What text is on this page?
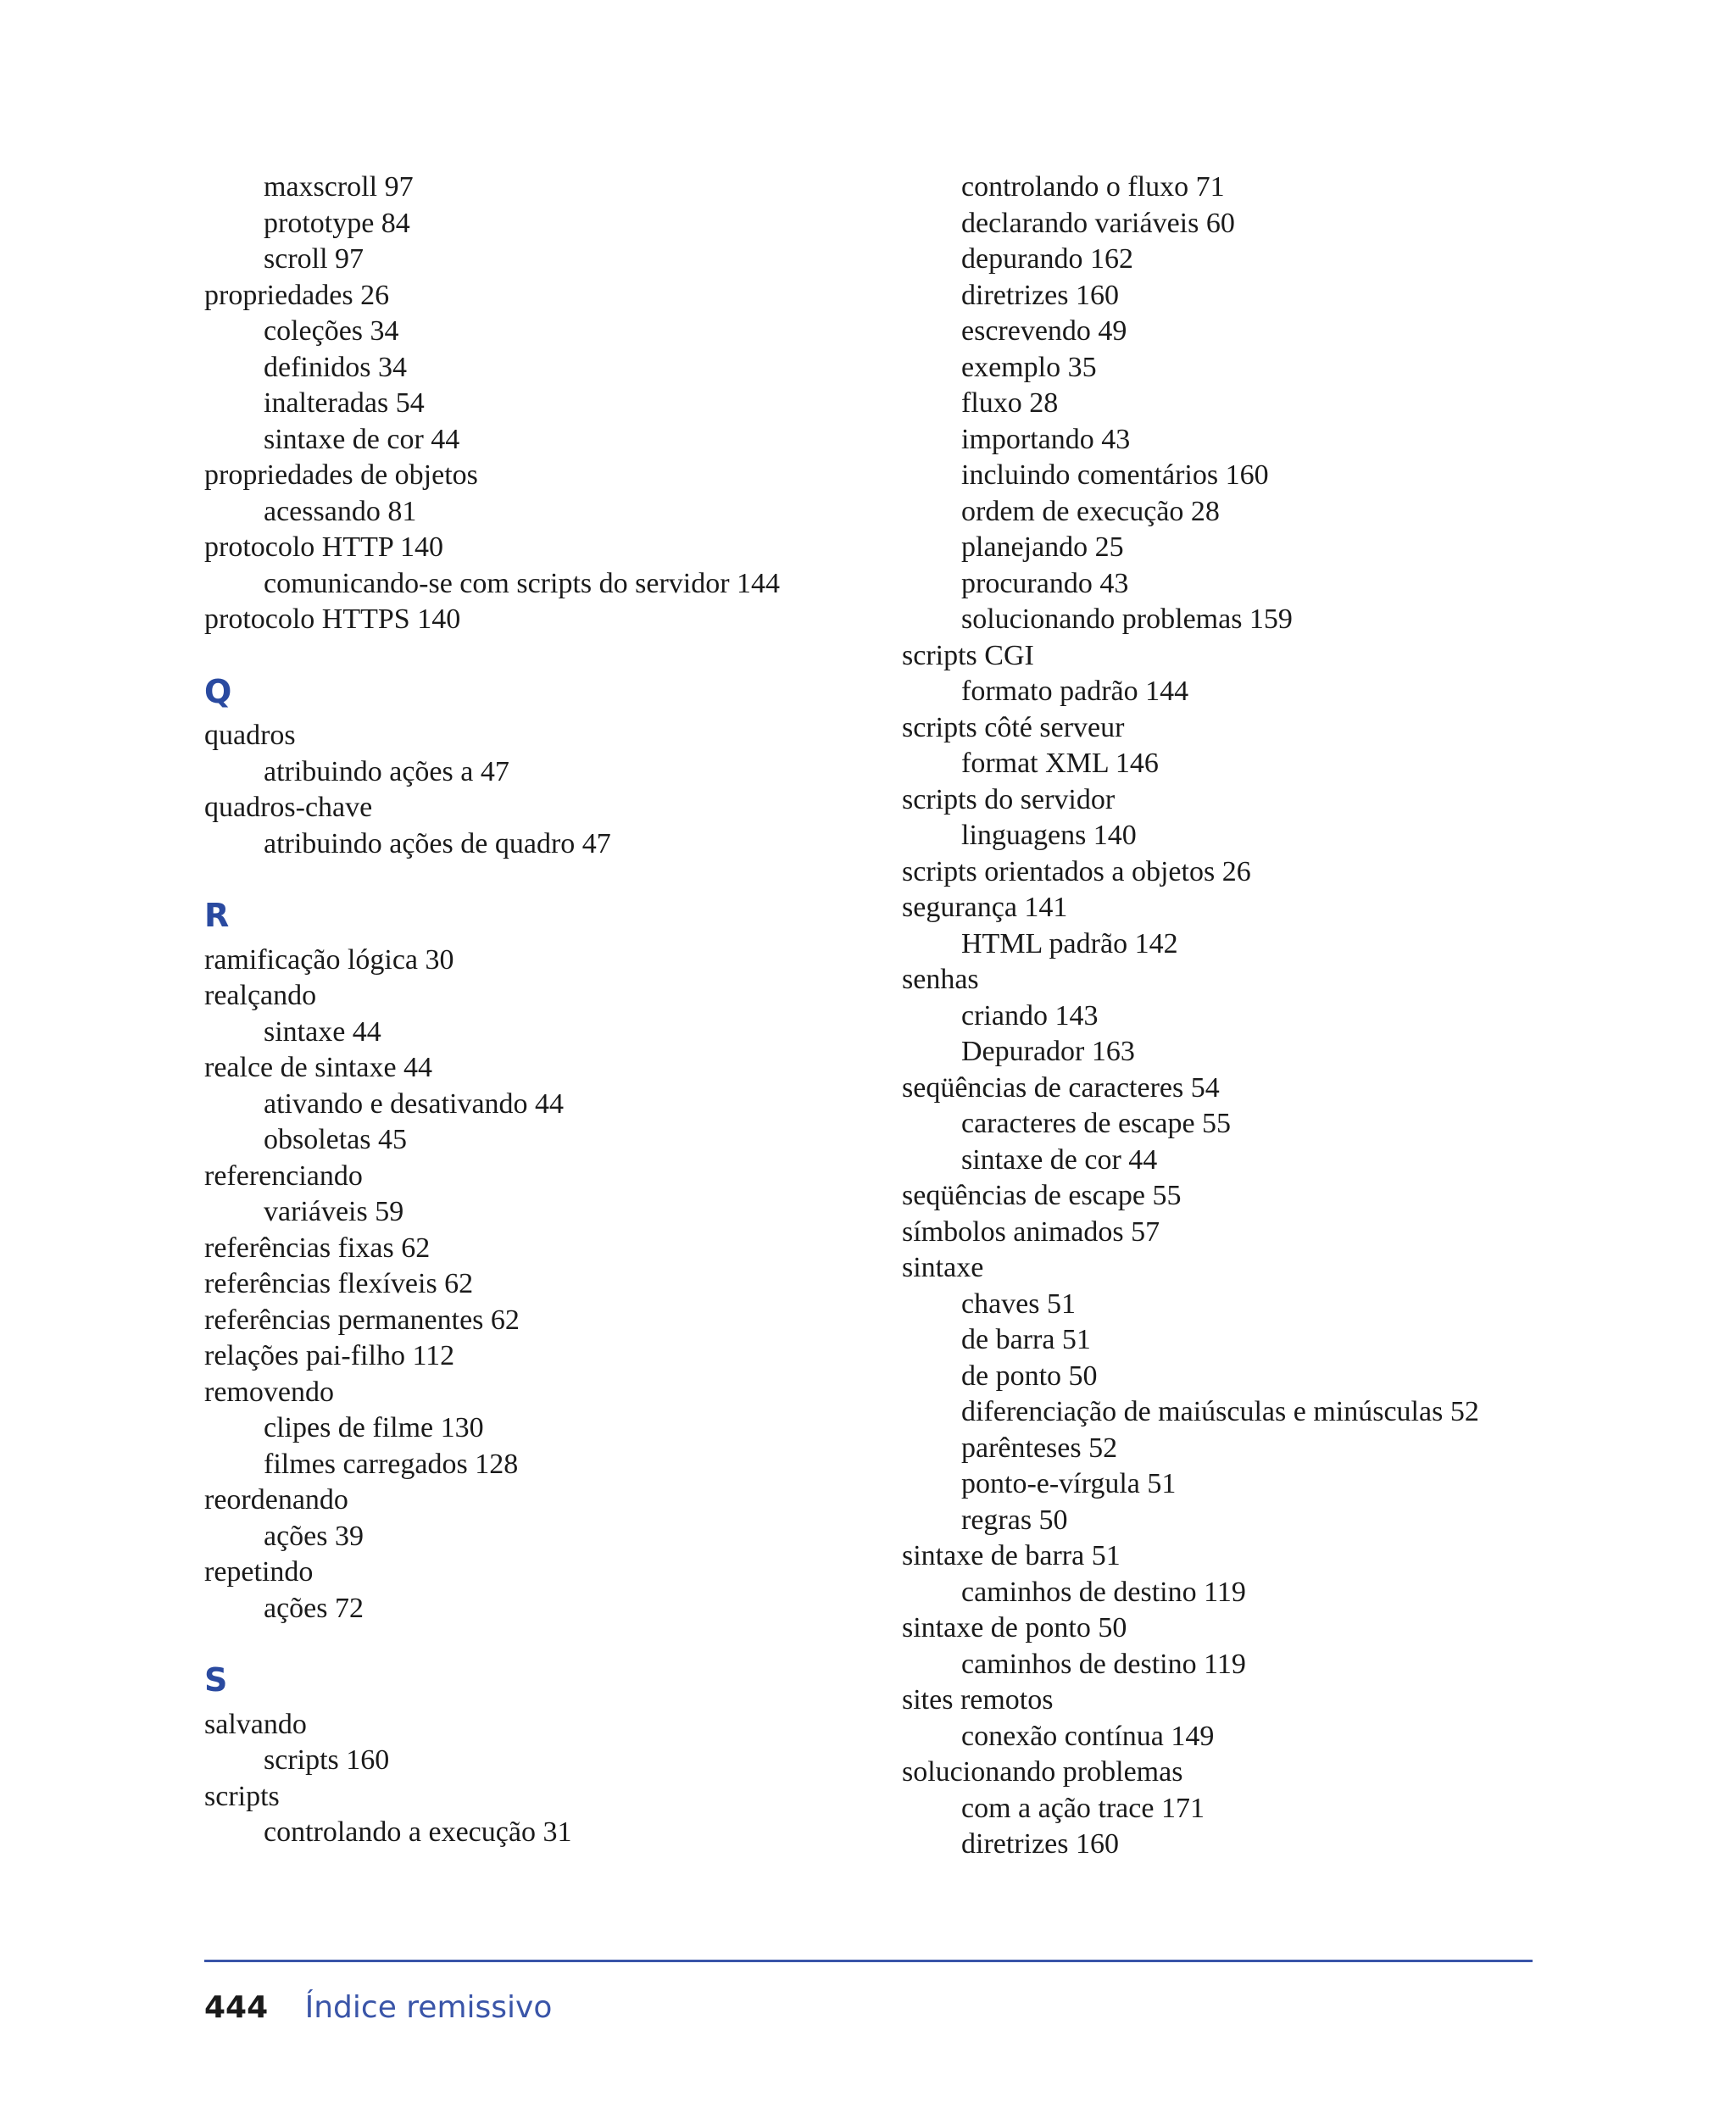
maxscroll 97
prototype 84
scroll 97
propriedades 26
coleções 34
definidos 34
inalteradas 54
sintaxe de cor 44
propriedades de objetos
acessando 81
protocolo HTTP 140
comunicando-se com scripts do servidor 144
protocolo HTTPS 140
Q
quadros
atribuindo ações a 47
quadros-chave
atribuindo ações de quadro 47
R
ramificação lógica 30
realçando
sintaxe 44
realce de sintaxe 44
ativando e desativando 44
obsoletas 45
referenciando
variáveis 59
referências fixas 62
referências flexíveis 62
referências permanentes 62
relações pai-filho 112
removendo
clipes de filme 130
filmes carregados 128
reordenando
ações 39
repetindo
ações 72
S
salvando
scripts 160
scripts
controlando a execução 31
controlando o fluxo 71
declarando variáveis 60
depurando 162
diretrizes 160
escrevendo 49
exemplo 35
fluxo 28
importando 43
incluindo comentários 160
ordem de execução 28
planejando 25
procurando 43
solucionando problemas 159
scripts CGI
formato padrão 144
scripts côté serveur
format XML 146
scripts do servidor
linguagens 140
scripts orientados a objetos 26
segurança 141
HTML padrão 142
senhas
criando 143
Depurador 163
seqüências de caracteres 54
caracteres de escape 55
sintaxe de cor 44
seqüências de escape 55
símbolos animados 57
sintaxe
chaves 51
de barra 51
de ponto 50
diferenciação de maiúsculas e minúsculas 52
parênteses 52
ponto-e-vírgula 51
regras 50
sintaxe de barra 51
caminhos de destino 119
sintaxe de ponto 50
caminhos de destino 119
sites remotos
conexão contínua 149
solucionando problemas
com a ação trace 171
diretrizes 160
444 Índice remissivo
